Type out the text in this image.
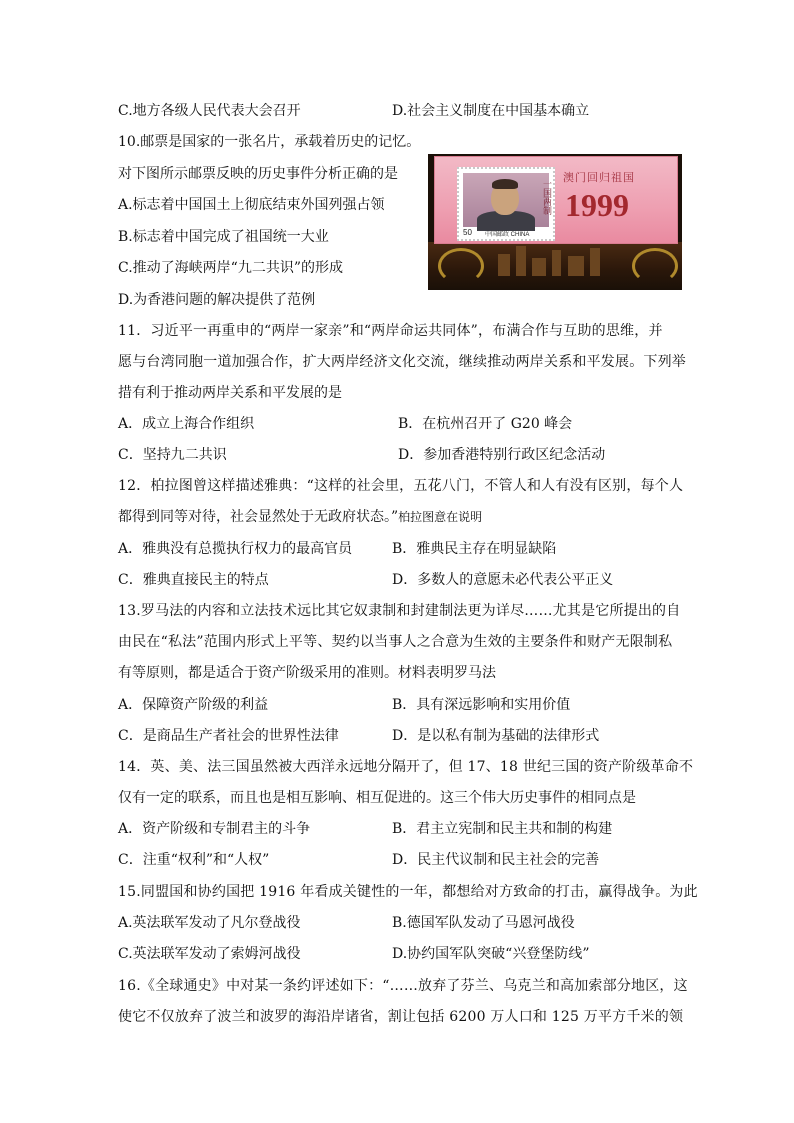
C.地方各级人民代表大会召开	D.社会主义制度在中国基本确立
10.邮票是国家的一张名片，承载着历史的记忆。
对下图所示邮票反映的历史事件分析正确的是
A.标志着中国国土上彻底结束外国列强占领
B.标志着中国完成了祖国统一大业
C.推动了海峡两岸“九二共识”的形成
D.为香港问题的解决提供了范例
一国两制
50 中国邮政 CHINA
澳门回归祖国
1999
11．习近平一再重申的“两岸一家亲”和“两岸命运共同体”，布满合作与互助的思维，并
愿与台湾同胞一道加强合作，扩大两岸经济文化交流，继续推动两岸关系和平发展。下列举
措有利于推动两岸关系和平发展的是
A．成立上海合作组织	B．在杭州召开了 G20 峰会
C．坚持九二共识	D．参加香港特别行政区纪念活动
12．柏拉图曾这样描述雅典：“这样的社会里，五花八门，不管人和人有没有区别，每个人
都得到同等对待，社会显然处于无政府状态。”柏拉图意在说明
A．雅典没有总揽执行权力的最高官员	B．雅典民主存在明显缺陷
C．雅典直接民主的特点	D．多数人的意愿未必代表公平正义
13.罗马法的内容和立法技术远比其它奴隶制和封建制法更为详尽……尤其是它所提出的自
由民在“私法”范围内形式上平等、契约以当事人之合意为生效的主要条件和财产无限制私
有等原则，都是适合于资产阶级采用的准则。材料表明罗马法
A．保障资产阶级的利益	B．具有深远影响和实用价值
C．是商品生产者社会的世界性法律	D．是以私有制为基础的法律形式
14．英、美、法三国虽然被大西洋永远地分隔开了，但 17、18 世纪三国的资产阶级革命不
仅有一定的联系，而且也是相互影响、相互促进的。这三个伟大历史事件的相同点是
A．资产阶级和专制君主的斗争	B．君主立宪制和民主共和制的构建
C．注重“权利”和“人权”	D．民主代议制和民主社会的完善
15.同盟国和协约国把 1916 年看成关键性的一年，都想给对方致命的打击，赢得战争。为此
A.英法联军发动了凡尔登战役	B.德国军队发动了马恩河战役
C.英法联军发动了索姆河战役	D.协约国军队突破“兴登堡防线”
16.《全球通史》中对某一条约评述如下：“……放弃了芬兰、乌克兰和高加索部分地区，这
使它不仅放弃了波兰和波罗的海沿岸诸省，割让包括 6200 万人口和 125 万平方千米的领
